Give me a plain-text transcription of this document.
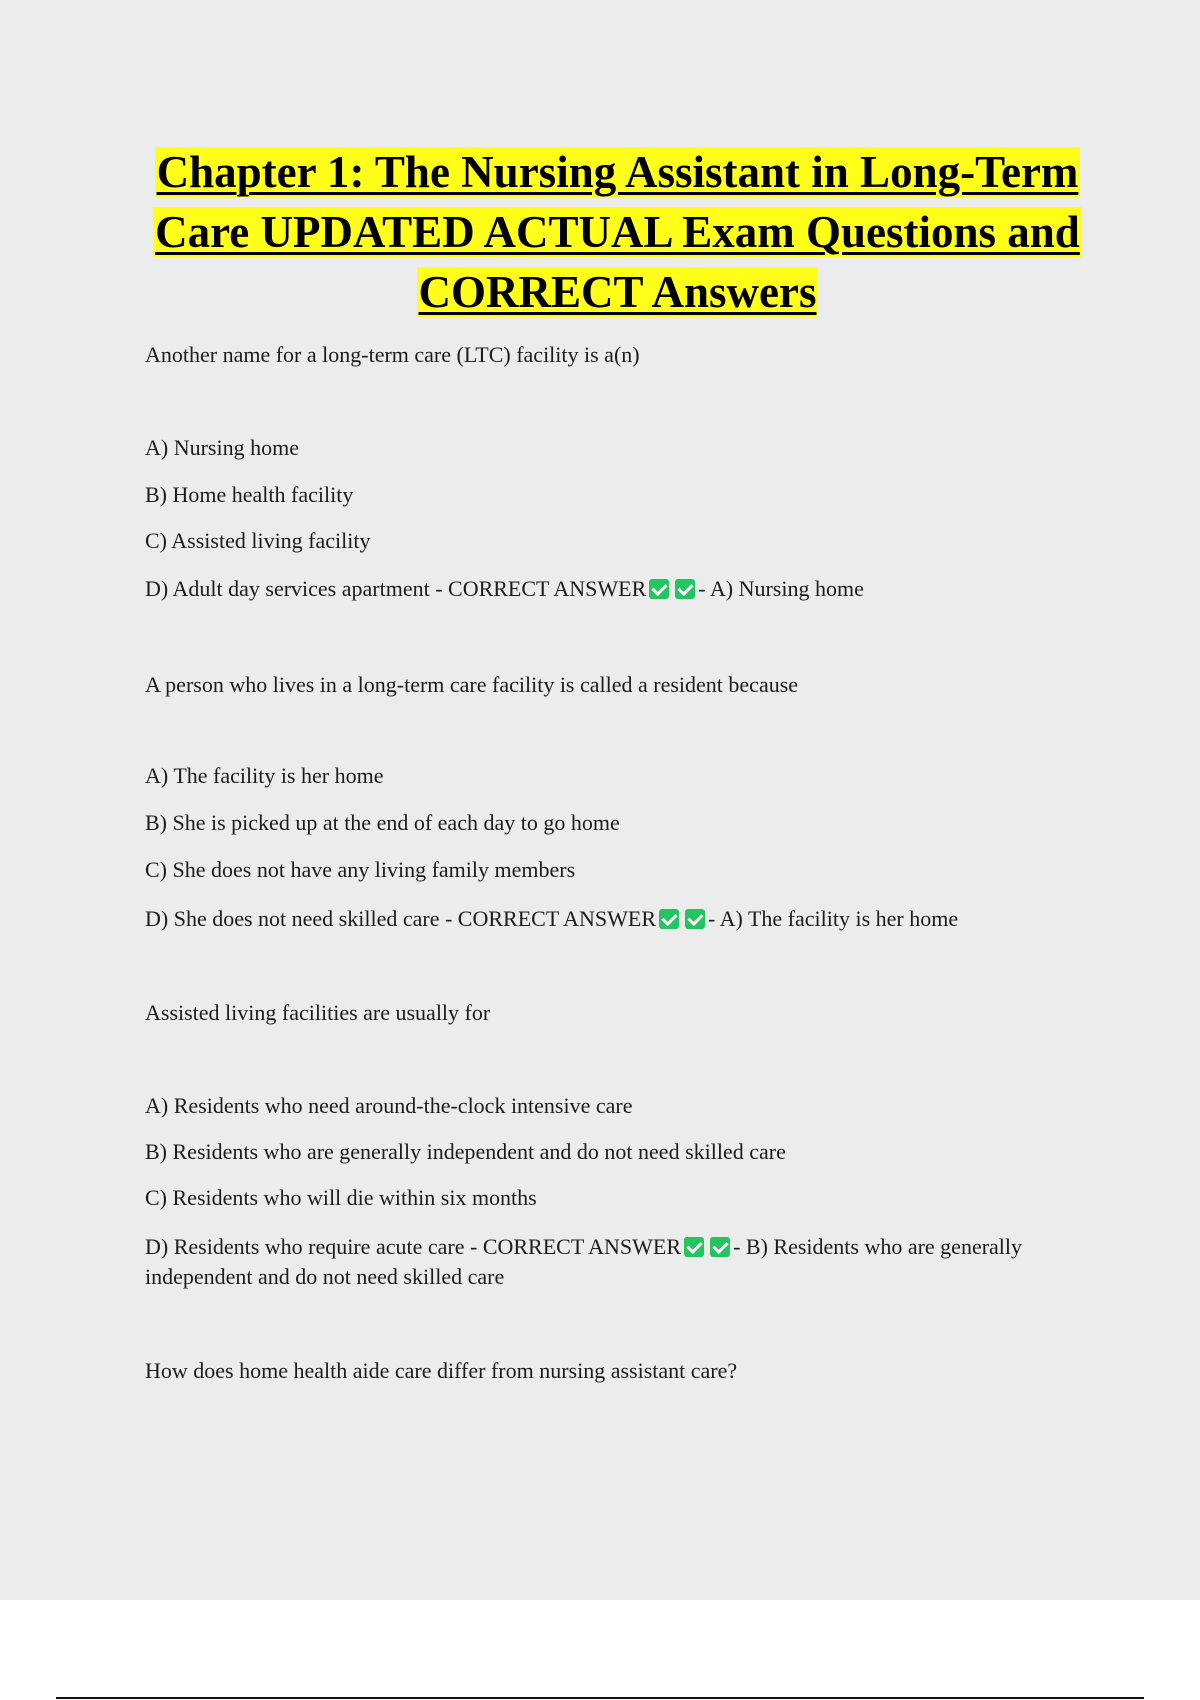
Chapter 1: The Nursing Assistant in Long-Term Care UPDATED ACTUAL Exam Questions and CORRECT Answers
Another name for a long-term care (LTC) facility is a(n)
A) Nursing home
B) Home health facility
C) Assisted living facility
D) Adult day services apartment - CORRECT ANSWER - A) Nursing home
A person who lives in a long-term care facility is called a resident because
A) The facility is her home
B) She is picked up at the end of each day to go home
C) She does not have any living family members
D) She does not need skilled care - CORRECT ANSWER - A) The facility is her home
Assisted living facilities are usually for
A) Residents who need around-the-clock intensive care
B) Residents who are generally independent and do not need skilled care
C) Residents who will die within six months
D) Residents who require acute care - CORRECT ANSWER - B) Residents who are generally independent and do not need skilled care
How does home health aide care differ from nursing assistant care?
